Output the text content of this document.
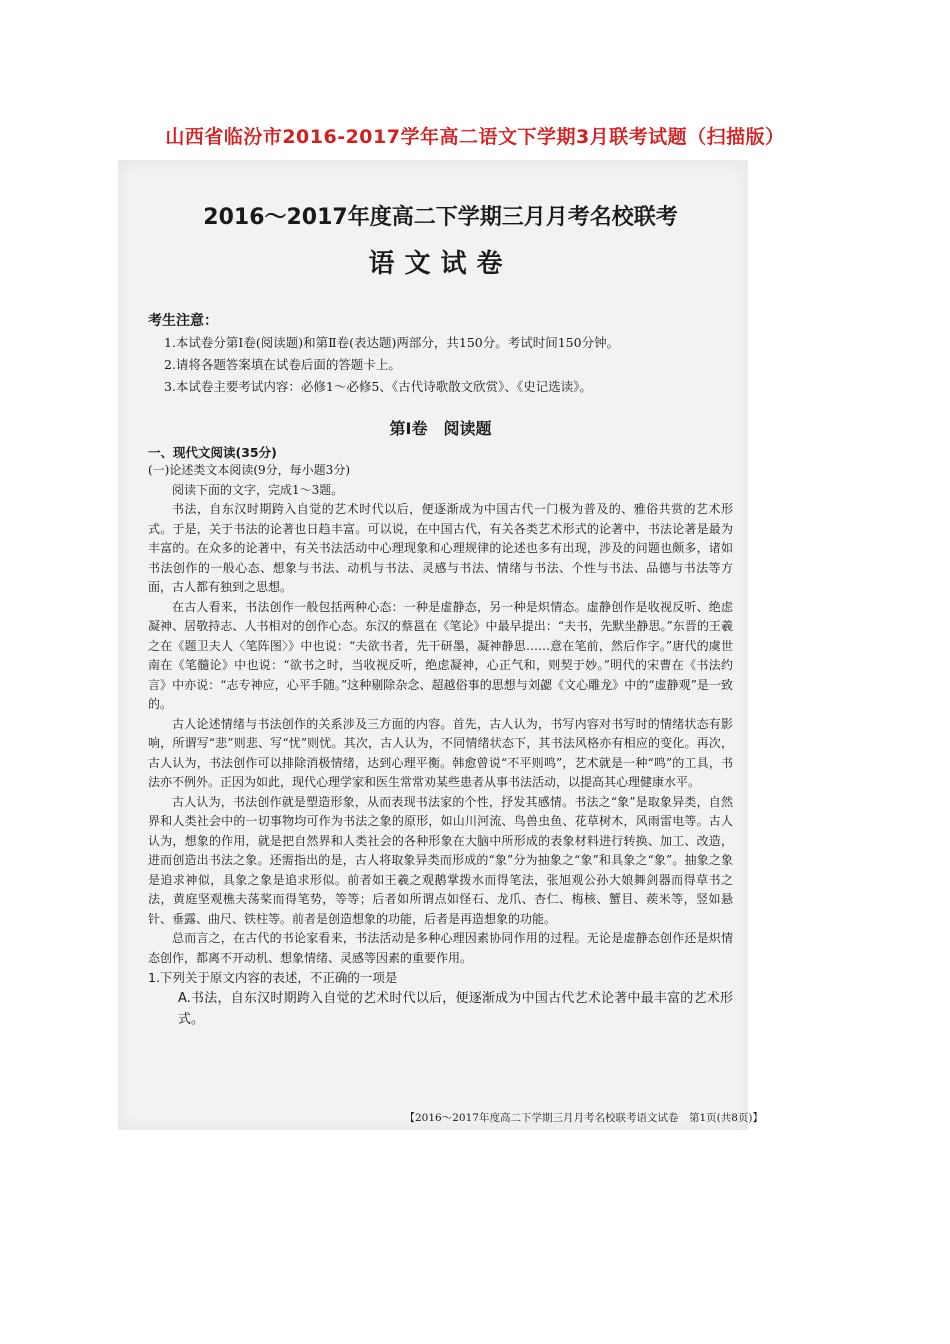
山西省临汾市2016-2017学年高二语文下学期3月联考试题（扫描版）
2016～2017年度高二下学期三月月考名校联考
语文试卷
考生注意：
1.本试卷分第Ⅰ卷(阅读题)和第Ⅱ卷(表达题)两部分，共150分。考试时间150分钟。
2.请将各题答案填在试卷后面的答题卡上。
3.本试卷主要考试内容：必修1～必修5、《古代诗歌散文欣赏》、《史记选读》。
第Ⅰ卷　阅读题
一、现代文阅读(35分)

(一)论述类文本阅读(9分，每小题3分)

阅读下面的文字，完成1～3题。

书法，自东汉时期跨入自觉的艺术时代以后，便逐渐成为中国古代一门极为普及的、雅俗共赏的艺术形式。于是，关于书法的论著也日趋丰富。可以说，在中国古代，有关各类艺术形式的论著中，书法论著是最为丰富的。在众多的论著中，有关书法活动中心理现象和心理规律的论述也多有出现，涉及的问题也颇多，诸如书法创作的一般心态、想象与书法、动机与书法、灵感与书法、情绪与书法、个性与书法、品德与书法等方面，古人都有独到之思想。

在古人看来，书法创作一般包括两种心态：一种是虚静态，另一种是炽情态。虚静创作是收视反听、绝虑凝神、居敬持志、人书相对的创作心态。东汉的蔡邕在《笔论》中最早提出：“夫书，先默坐静思。”东晋的王羲之在《题卫夫人〈笔阵图〉》中也说：“夫欲书者，先干研墨，凝神静思……意在笔前，然后作字。”唐代的虞世南在《笔髓论》中也说：“欲书之时，当收视反听，绝虑凝神，心正气和，则契于妙。”明代的宋曹在《书法约言》中亦说：“志专神应，心平手随。”这种剔除杂念、超越俗事的思想与刘勰《文心雕龙》中的“虚静观”是一致的。

古人论述情绪与书法创作的关系涉及三方面的内容。首先，古人认为，书写内容对书写时的情绪状态有影响，所谓写“悲”则悲、写“忧”则忧。其次，古人认为，不同情绪状态下，其书法风格亦有相应的变化。再次，古人认为，书法创作可以排除消极情绪，达到心理平衡。韩愈曾说“不平则鸣”，艺术就是一种“鸣”的工具，书法亦不例外。正因为如此，现代心理学家和医生常常劝某些患者从事书法活动，以提高其心理健康水平。

古人认为，书法创作就是塑造形象，从而表现书法家的个性，抒发其感情。书法之“象”是取象异类，自然界和人类社会中的一切事物均可作为书法之象的原形，如山川河流、鸟兽虫鱼、花草树木，风雨雷电等。古人认为，想象的作用，就是把自然界和人类社会的各种形象在大脑中所形成的表象材料进行转换、加工、改造，进而创造出书法之象。还需指出的是，古人将取象异类而形成的“象”分为抽象之“象”和具象之“象”。抽象之象是追求神似，具象之象是追求形似。前者如王羲之观鹅掌拨水而得笔法，张旭观公孙大娘舞剑器而得草书之法，黄庭坚观樵夫荡桨而得笔势，等等；后者如所谓点如怪石、龙爪、杏仁、梅核、蟹目、蒺米等，竖如悬针、垂露、曲尺、铁柱等。前者是创造想象的功能，后者是再造想象的功能。

总而言之，在古代的书论家看来，书法活动是多种心理因素协同作用的过程。无论是虚静态创作还是炽情态创作，都离不开动机、想象情绪、灵感等因素的重要作用。

1.下列关于原文内容的表述，不正确的一项是

A.书法，自东汉时期跨入自觉的艺术时代以后，便逐渐成为中国古代艺术论著中最丰富的艺术形式。

【2016～2017年度高二下学期三月月考名校联考语文试卷　第1页(共8页)】
